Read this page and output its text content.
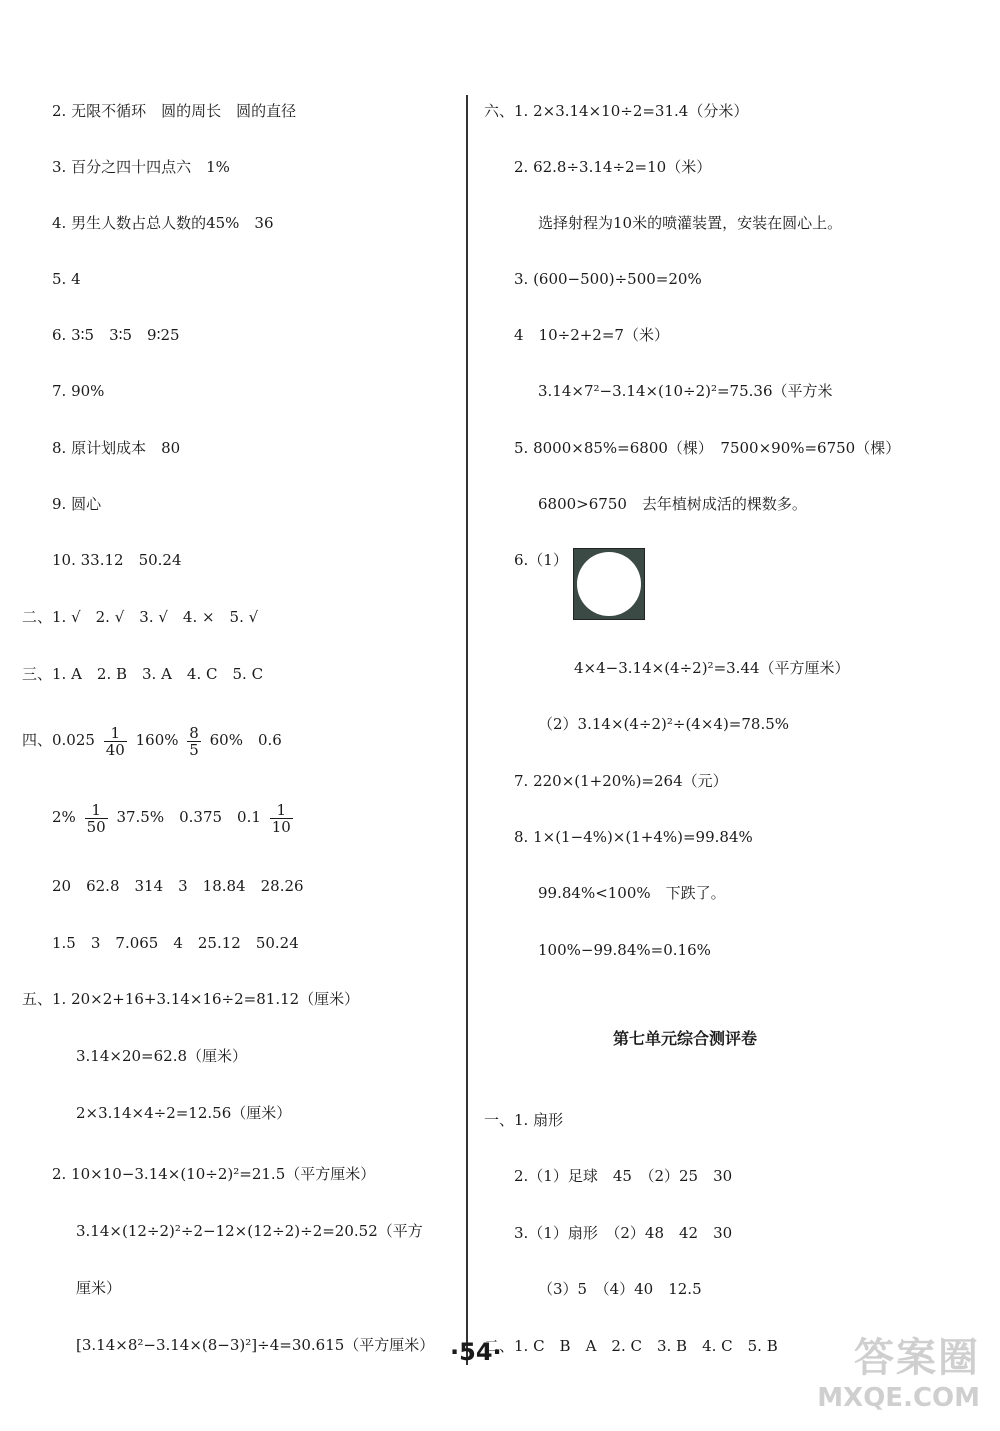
2. 无限不循环　圆的周长　圆的直径
3. 百分之四十四点六　1%
4. 男生人数占总人数的45%　36
5. 4
6. 3∶5　3∶5　9∶25
7. 90%
8. 原计划成本　80
9. 圆心
10. 33.12　50.24
二、1. √　2. √　3. √　4. ×　5. √
三、1. A　2. B　3. A　4. C　5. C
四、$0.025 \frac{1}{40} 160\% \frac{8}{5} 60\%$　0.6
$2\% \frac{1}{50} 37.5\%$　0.375　$0.1 \frac{1}{10}$
20　62.8　314　3　18.84　28.26
1.5　3　7.065　4　25.12　50.24
五、1. 20×2+16+3.14×16÷2=81.12（厘米）
3.14×20=62.8（厘米）
2×3.14×4÷2=12.56（厘米）
2. 10×10−3.14×(10÷2)²=21.5（平方厘米）
3.14×(12÷2)²÷2−12×(12÷2)÷2=20.52（平方
厘米）
[3.14×8²−3.14×(8−3)²]÷4=30.615（平方厘米）
六、1. 2×3.14×10÷2=31.4（分米）
2. 62.8÷3.14÷2=10（米）
选择射程为10米的喷灌装置，安装在圆心上。
3. (600−500)÷500=20%
4　10÷2+2=7（米）
3.14×7²−3.14×(10÷2)²=75.36（平方米
5. 8000×85%=6800（棵）　7500×90%=6750（棵）
6800>6750　去年植树成活的棵数多。
6.（1）
4×4−3.14×(4÷2)²=3.44（平方厘米）
（2）3.14×(4÷2)²÷(4×4)=78.5%
7. 220×(1+20%)=264（元）
8. 1×(1−4%)×(1+4%)=99.84%
99.84%<100%　下跌了。
100%−99.84%=0.16%
第七单元综合测评卷
一、1. 扇形
2.（1）足球　45　（2）25　30
3.（1）扇形　（2）48　42　30
（3）5　（4）40　12.5
二、1. C　B　A　2. C　3. B　4. C　5. B
·54·	答案圈
MXQE.COM
